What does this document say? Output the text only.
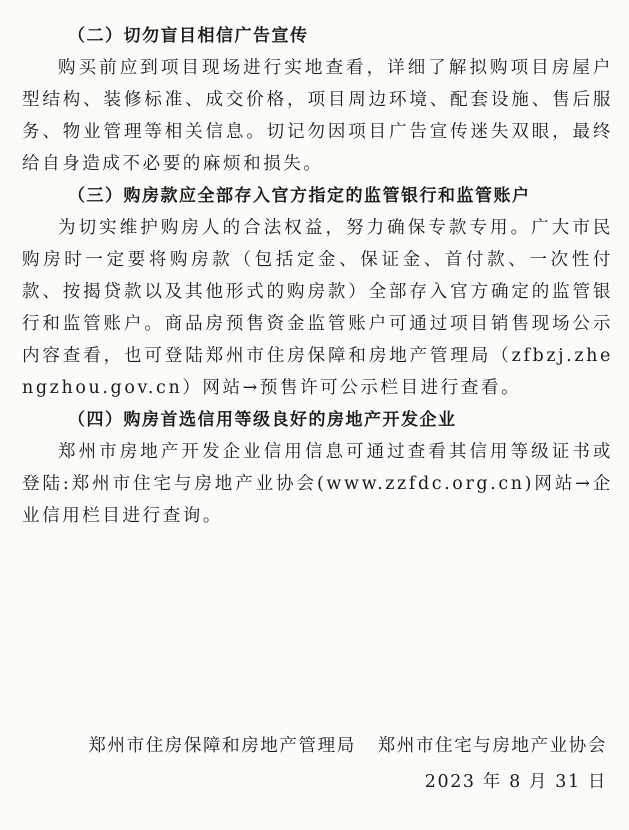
（二）切勿盲目相信广告宣传

购买前应到项目现场进行实地查看，详细了解拟购项目房屋户型结构、装修标准、成交价格，项目周边环境、配套设施、售后服务、物业管理等相关信息。切记勿因项目广告宣传迷失双眼，最终给自身造成不必要的麻烦和损失。

（三）购房款应全部存入官方指定的监管银行和监管账户

为切实维护购房人的合法权益，努力确保专款专用。广大市民购房时一定要将购房款（包括定金、保证金、首付款、一次性付款、按揭贷款以及其他形式的购房款）全部存入官方确定的监管银行和监管账户。商品房预售资金监管账户可通过项目销售现场公示内容查看，也可登陆郑州市住房保障和房地产管理局（zfbzj.zhengzhou.gov.cn）网站→预售许可公示栏目进行查看。

（四）购房首选信用等级良好的房地产开发企业

郑州市房地产开发企业信用信息可通过查看其信用等级证书或登陆:郑州市住宅与房地产业协会(www.zzfdc.org.cn)网站→企业信用栏目进行查询。

郑州市住房保障和房地产管理局 郑州市住宅与房地产业协会
2023 年 8 月 31 日
